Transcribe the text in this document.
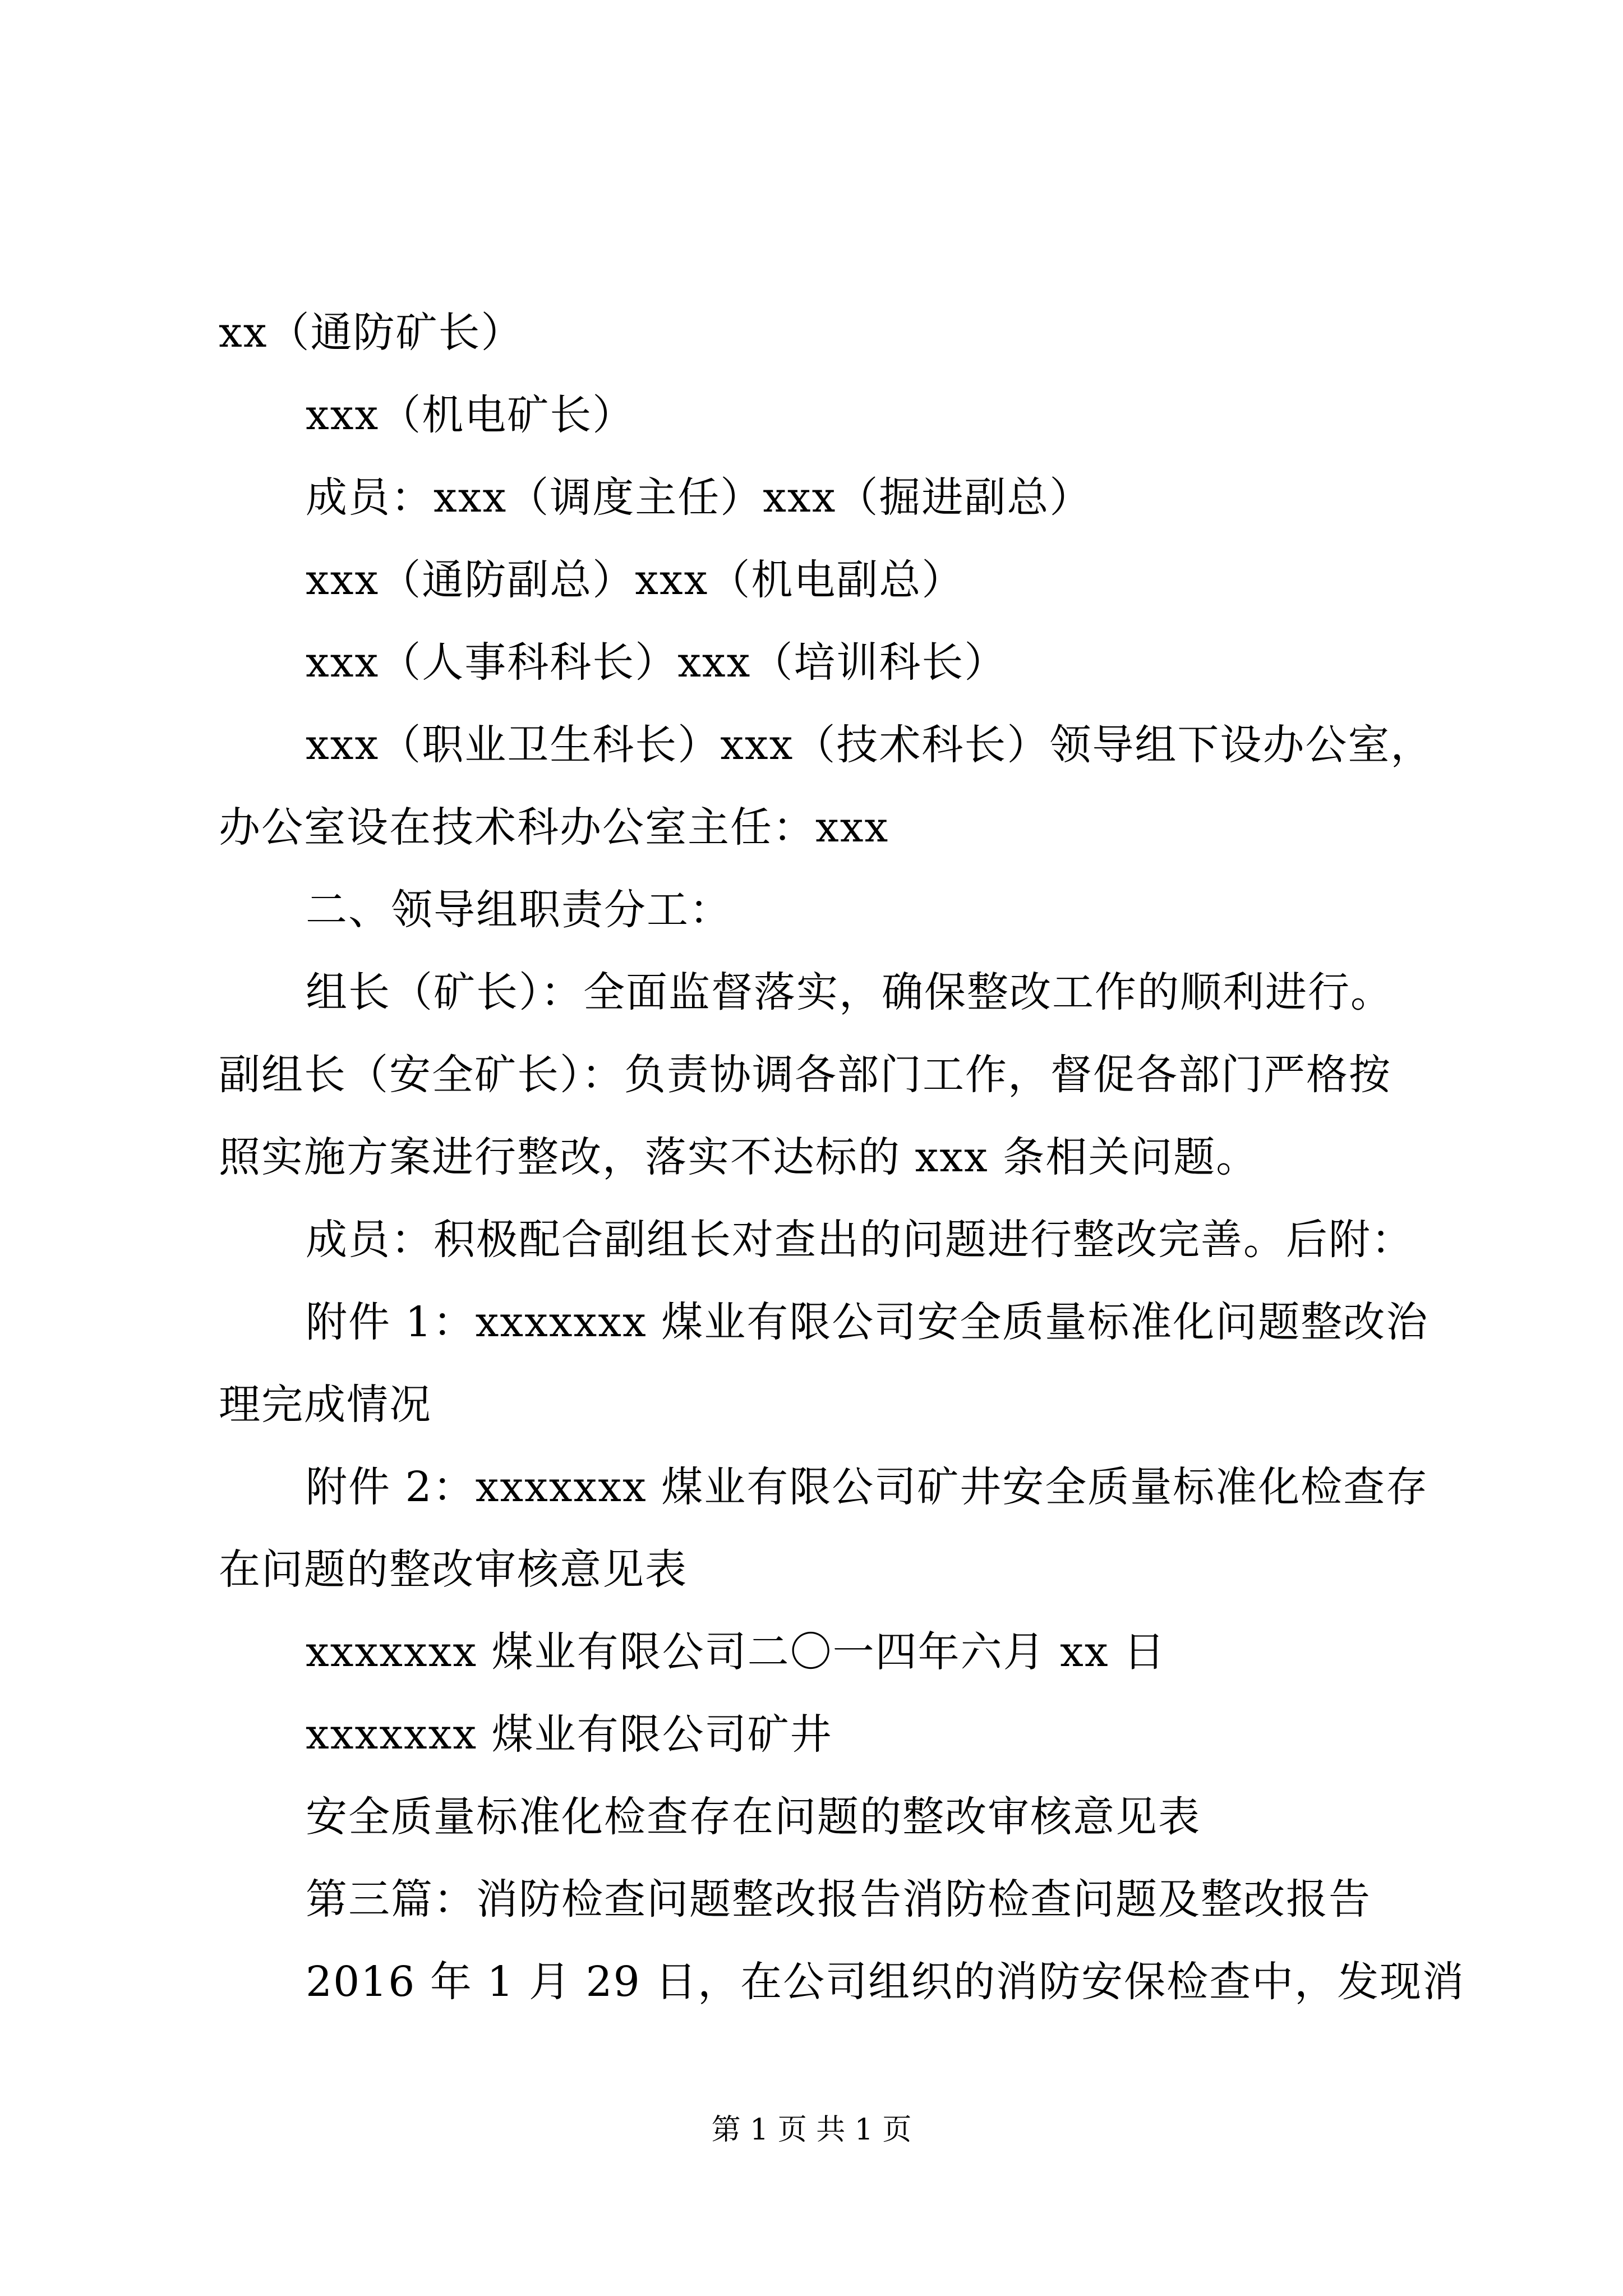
xx（通防矿长）
xxx（机电矿长）
成员：xxx（调度主任）xxx（掘进副总）
xxx（通防副总）xxx（机电副总）
xxx（人事科科长）xxx（培训科长）
xxx（职业卫生科长）xxx（技术科长）领导组下设办公室，
办公室设在技术科办公室主任：xxx
二、领导组职责分工：
组长（矿长）：全面监督落实，确保整改工作的顺利进行。
副组长（安全矿长）：负责协调各部门工作，督促各部门严格按
照实施方案进行整改，落实不达标的 xxx 条相关问题。
成员：积极配合副组长对查出的问题进行整改完善。后附：
附件 1：xxxxxxx 煤业有限公司安全质量标准化问题整改治
理完成情况
附件 2：xxxxxxx 煤业有限公司矿井安全质量标准化检查存
在问题的整改审核意见表
xxxxxxx 煤业有限公司二〇一四年六月 xx 日
xxxxxxx 煤业有限公司矿井
安全质量标准化检查存在问题的整改审核意见表
第三篇：消防检查问题整改报告消防检查问题及整改报告
2016 年 1 月 29 日，在公司组织的消防安保检查中，发现消
第 1 页 共 1 页
